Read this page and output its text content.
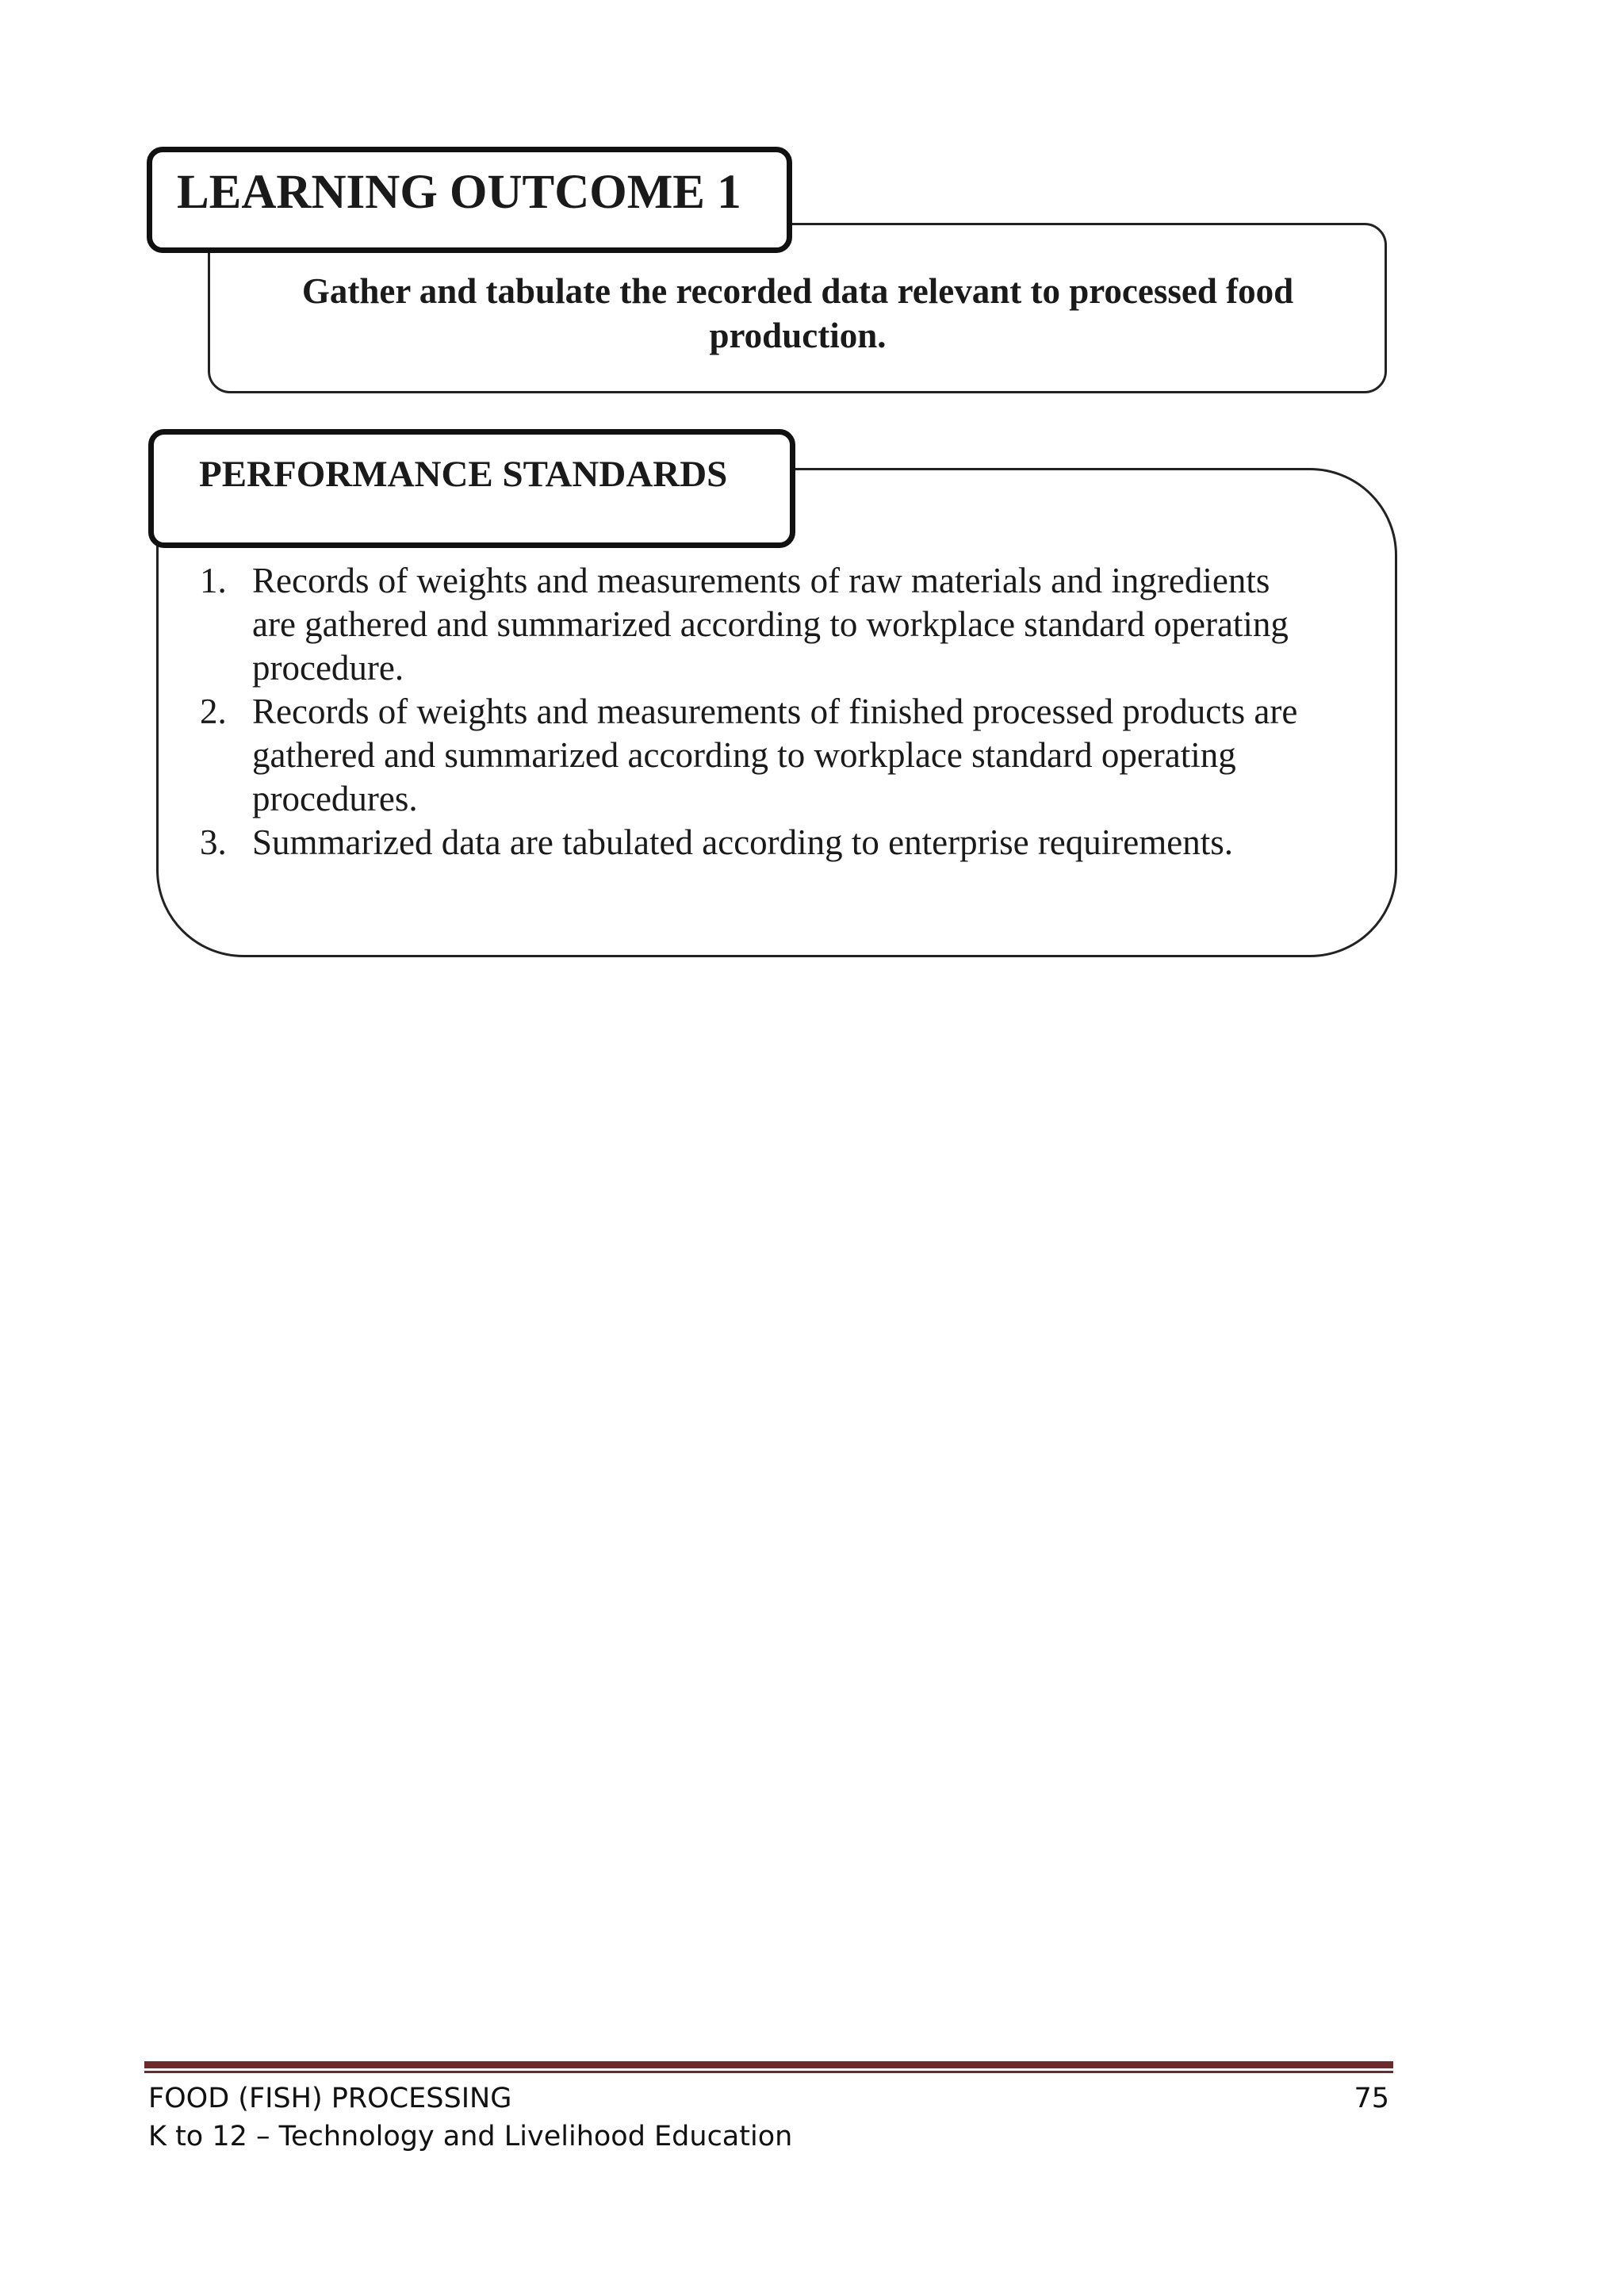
Gather and tabulate the recorded data relevant to processed food
production.
LEARNING OUTCOME 1
PERFORMANCE STANDARDS
1. Records of weights and measurements of raw materials and ingredients
are gathered and summarized according to workplace standard operating
procedure.
2. Records of weights and measurements of finished processed products are
gathered and summarized according to workplace standard operating
procedures.
3. Summarized data are tabulated according to enterprise requirements.
FOOD (FISH) PROCESSING	75
K to 12 – Technology and Livelihood Education
